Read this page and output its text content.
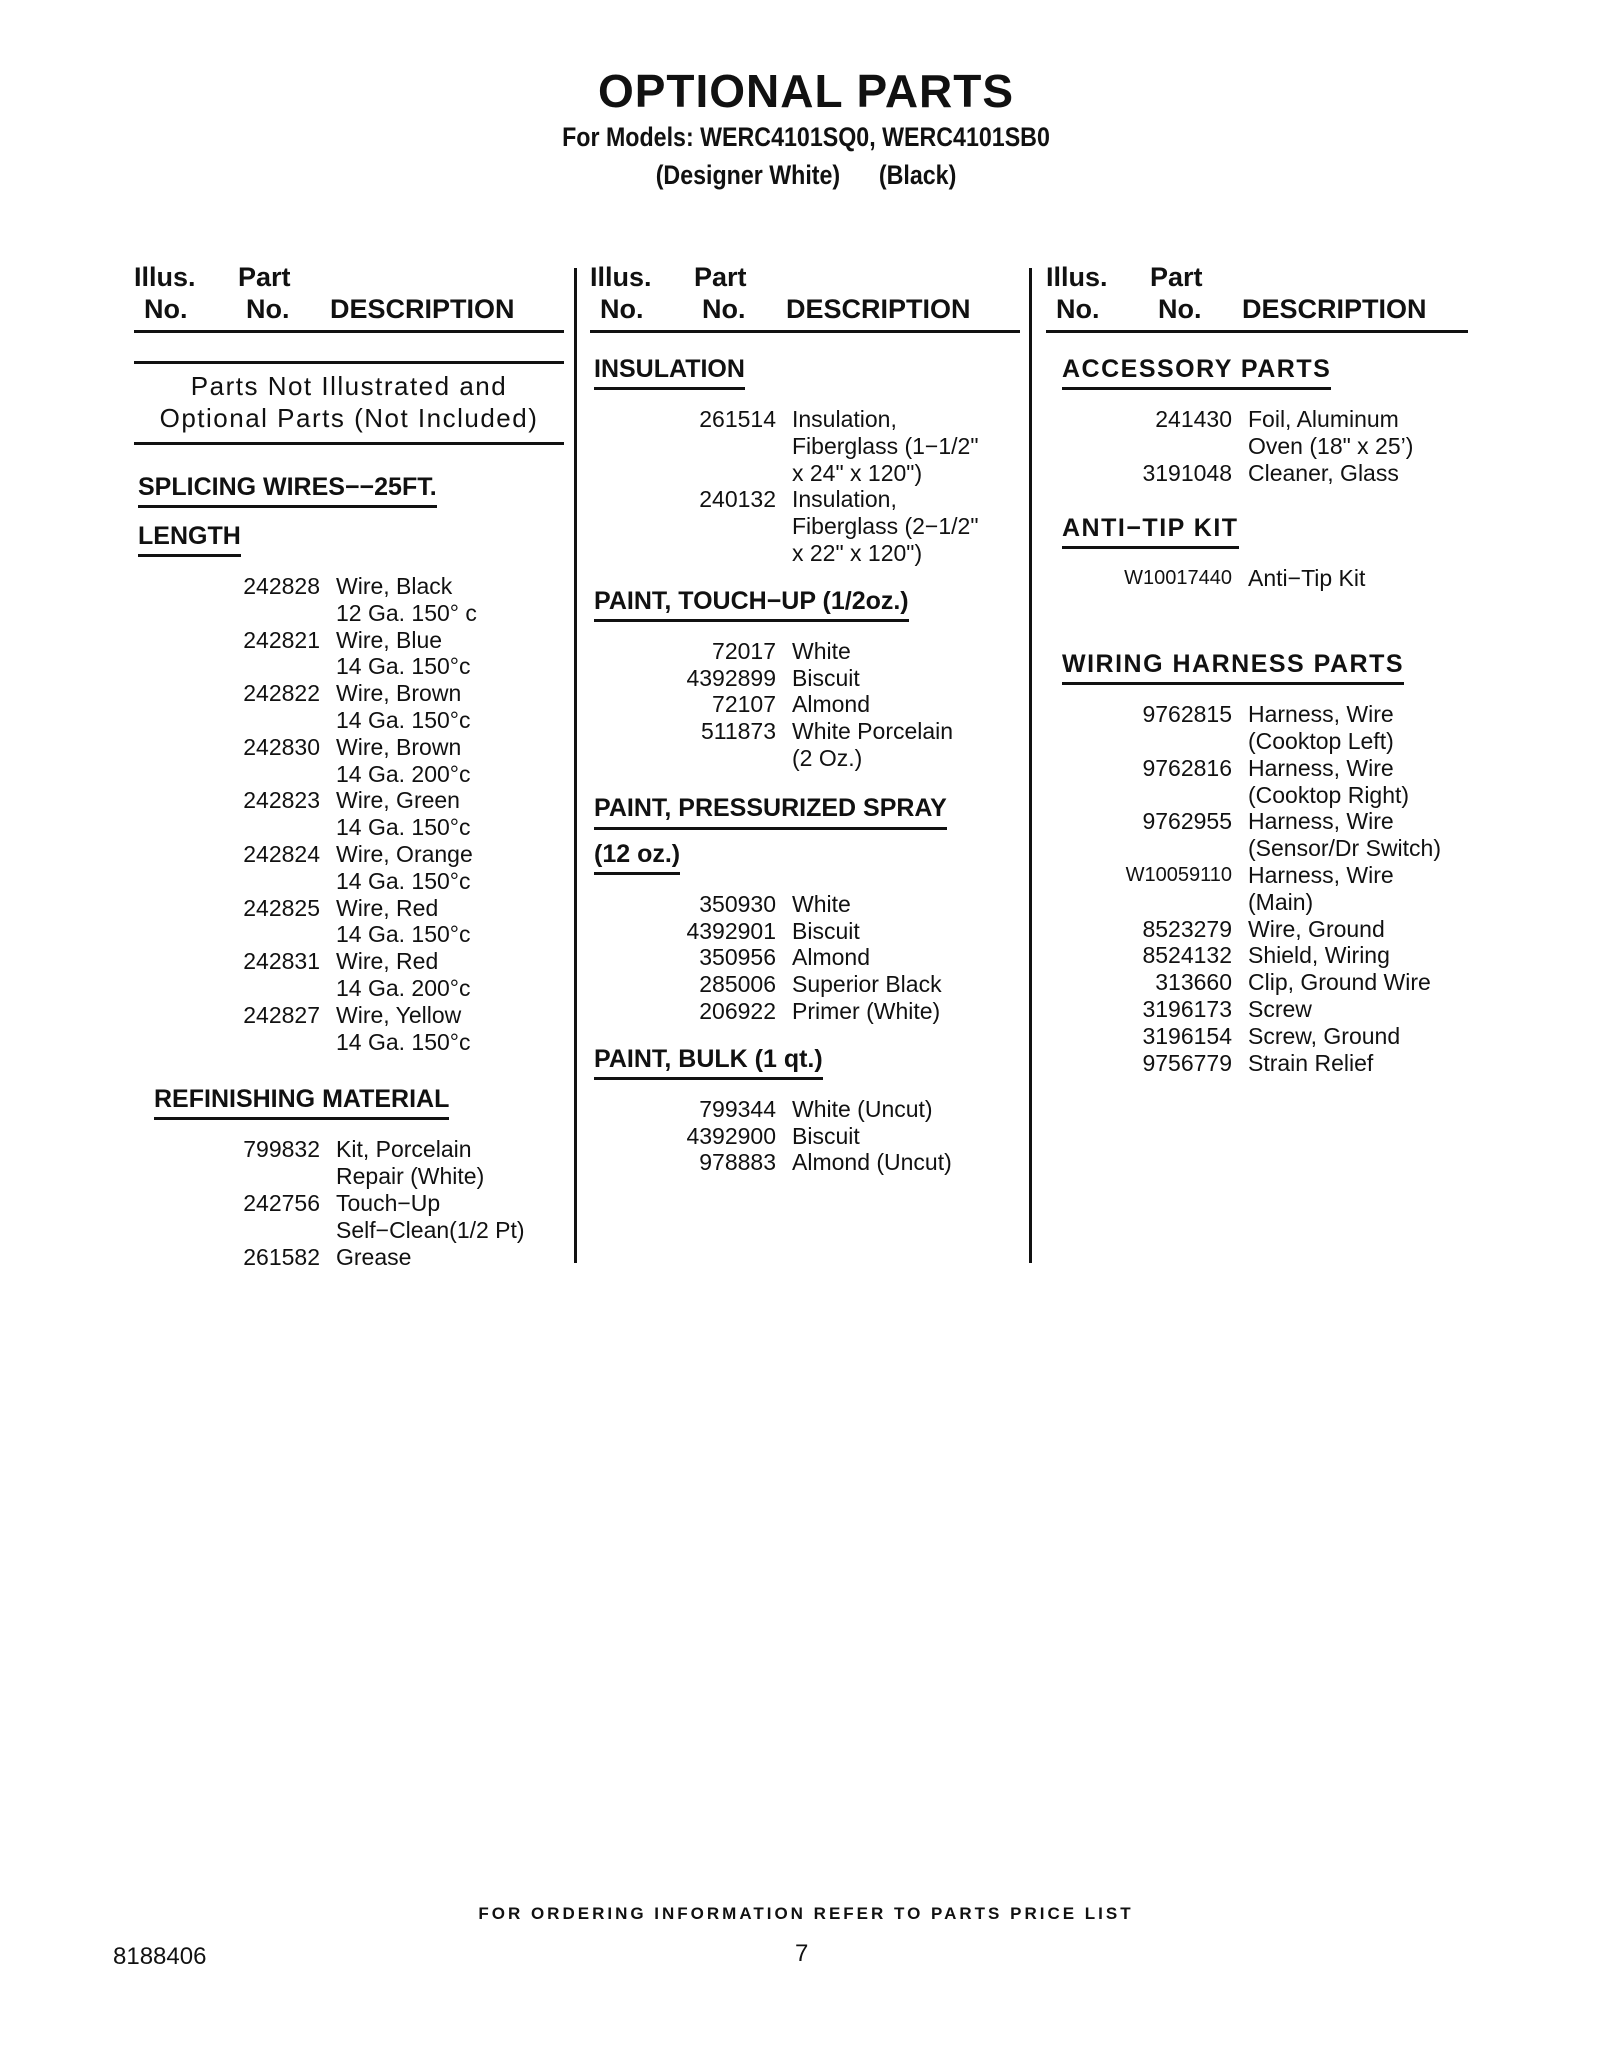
OPTIONAL PARTS
For Models: WERC4101SQ0, WERC4101SB0
(Designer White)      (Black)
Illus. Part
No. No. DESCRIPTION
Parts Not Illustrated and
Optional Parts (Not Included)
SPLICING WIRES−−25FT.
LENGTH
242828 Wire, Black
12 Ga. 150° c
242821 Wire, Blue
14 Ga. 150°c
242822 Wire, Brown
14 Ga. 150°c
242830 Wire, Brown
14 Ga. 200°c
242823 Wire, Green
14 Ga. 150°c
242824 Wire, Orange
14 Ga. 150°c
242825 Wire, Red
14 Ga. 150°c
242831 Wire, Red
14 Ga. 200°c
242827 Wire, Yellow
14 Ga. 150°c
REFINISHING MATERIAL
799832 Kit, Porcelain
Repair (White)
242756 Touch−Up
Self−Clean(1/2 Pt)
261582 Grease
Illus. Part
No. No. DESCRIPTION
INSULATION
261514 Insulation,
Fiberglass (1−1/2"
x 24" x 120")
240132 Insulation,
Fiberglass (2−1/2"
x 22" x 120")
PAINT, TOUCH−UP (1/2oz.)
72017 White
4392899 Biscuit
72107 Almond
511873 White Porcelain
(2 Oz.)
PAINT, PRESSURIZED SPRAY
(12 oz.)
350930 White
4392901 Biscuit
350956 Almond
285006 Superior Black
206922 Primer (White)
PAINT, BULK (1 qt.)
799344 White (Uncut)
4392900 Biscuit
978883 Almond (Uncut)
Illus. Part
No. No. DESCRIPTION
ACCESSORY PARTS
241430 Foil, Aluminum
Oven (18" x 25’)
3191048 Cleaner, Glass
ANTI−TIP KIT
W10017440 Anti−Tip Kit
WIRING HARNESS PARTS
9762815 Harness, Wire
(Cooktop Left)
9762816 Harness, Wire
(Cooktop Right)
9762955 Harness, Wire
(Sensor/Dr Switch)
W10059110 Harness, Wire
(Main)
8523279 Wire, Ground
8524132 Shield, Wiring
313660 Clip, Ground Wire
3196173 Screw
3196154 Screw, Ground
9756779 Strain Relief
FOR ORDERING INFORMATION REFER TO PARTS PRICE LIST
8188406	7
